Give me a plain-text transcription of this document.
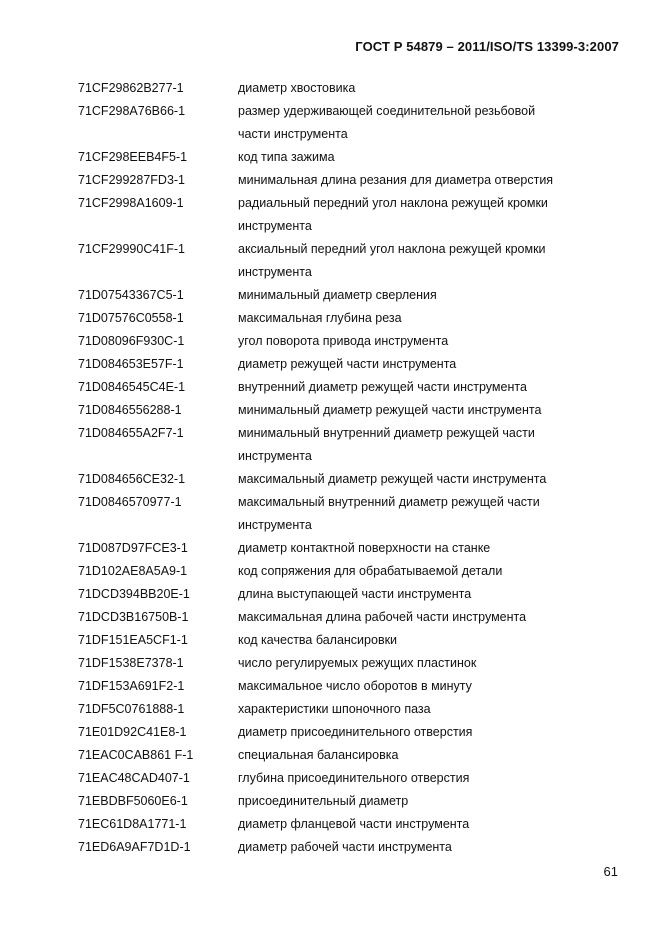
ГОСТ Р 54879 – 2011/ISO/TS 13399-3:2007
71CF29862B277-1	диаметр хвостовика
71CF298A76B66-1	размер удерживающей соединительной резьбовой
части инструмента
71CF298EEB4F5-1	код типа зажима
71CF299287FD3-1	минимальная длина резания для диаметра отверстия
71CF2998A1609-1	радиальный передний угол наклона режущей кромки
инструмента
71CF29990C41F-1	аксиальный передний угол наклона режущей кромки
инструмента
71D07543367C5-1	минимальный диаметр сверления
71D07576C0558-1	максимальная глубина реза
71D08096F930C-1	угол поворота привода инструмента
71D084653E57F-1	диаметр режущей части инструмента
71D0846545C4E-1	внутренний диаметр режущей части инструмента
71D0846556288-1	минимальный диаметр режущей части инструмента
71D084655A2F7-1	минимальный внутренний диаметр режущей части
инструмента
71D084656CE32-1	максимальный диаметр режущей части инструмента
71D0846570977-1	максимальный внутренний диаметр режущей части
инструмента
71D087D97FCE3-1	диаметр контактной поверхности на станке
71D102AE8A5A9-1	код сопряжения для обрабатываемой детали
71DCD394BB20E-1	длина выступающей части инструмента
71DCD3B16750B-1	максимальная длина рабочей части инструмента
71DF151EA5CF1-1	код качества балансировки
71DF1538E7378-1	число регулируемых режущих пластинок
71DF153A691F2-1	максимальное число оборотов в минуту
71DF5C0761888-1	характеристики шпоночного паза
71E01D92C41E8-1	диаметр присоединительного отверстия
71EAC0CAB861 F-1	специальная балансировка
71EAC48CAD407-1	глубина присоединительного отверстия
71EBDBF5060E6-1	присоединительный диаметр
71EC61D8A1771-1	диаметр фланцевой части инструмента
71ED6A9AF7D1D-1	диаметр рабочей части инструмента
61
